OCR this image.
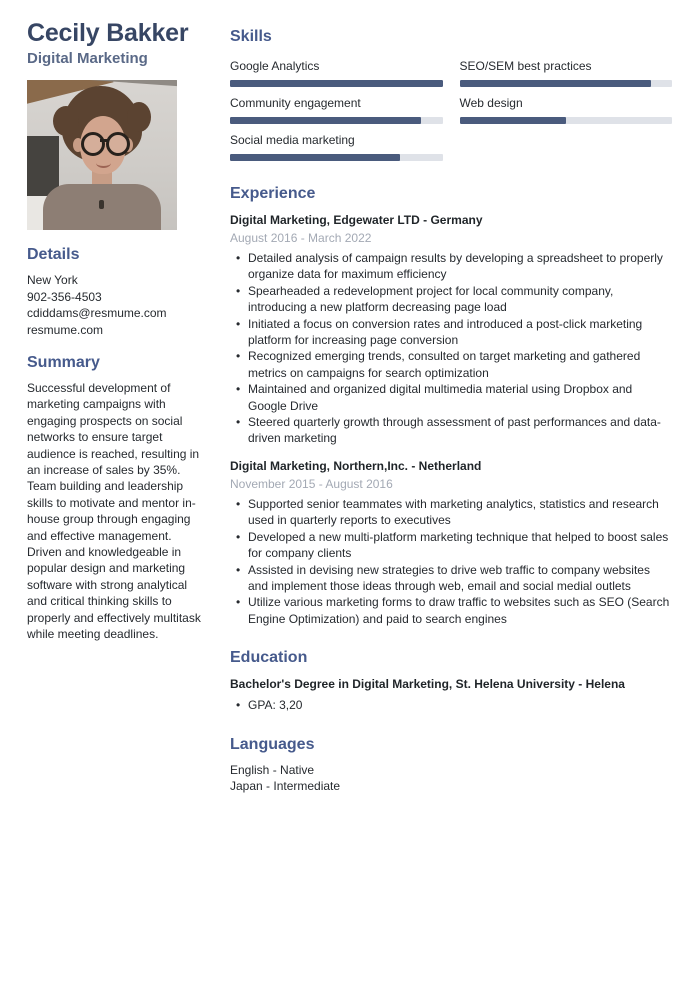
Cecily Bakker
Digital Marketing
Details
New York
902-356-4503
cdiddams@resmume.com
resmume.com
Summary
Successful development of marketing campaigns with engaging prospects on social networks to ensure target audience is reached, resulting in an increase of sales by 35%. Team building and leadership skills to motivate and mentor in-house group through engaging and effective management. Driven and knowledgeable in popular design and marketing software with strong analytical and critical thinking skills to properly and effectively multitask while meeting deadlines.
Skills
Google Analytics	SEO/SEM best practices
Community engagement	Web design
Social media marketing
Experience
Digital Marketing, Edgewater LTD - Germany
August 2016 - March 2022
• Detailed analysis of campaign results by developing a spreadsheet to properly organize data for maximum efficiency
• Spearheaded a redevelopment project for local community company, introducing a new platform decreasing page load
• Initiated a focus on conversion rates and introduced a post-click marketing platform for increasing page conversion
• Recognized emerging trends, consulted on target marketing and gathered metrics on campaigns for search optimization
• Maintained and organized digital multimedia material using Dropbox and Google Drive
• Steered quarterly growth through assessment of past performances and data-driven marketing
Digital Marketing, Northern,Inc. - Netherland
November 2015 - August 2016
• Supported senior teammates with marketing analytics, statistics and research used in quarterly reports to executives
• Developed a new multi-platform marketing technique that helped to boost sales for company clients
• Assisted in devising new strategies to drive web traffic to company websites and implement those ideas through web, email and social medial outlets
• Utilize various marketing forms to draw traffic to websites such as SEO (Search Engine Optimization) and paid to search engines
Education
Bachelor's Degree in Digital Marketing, St. Helena University - Helena
• GPA: 3,20
Languages
English - Native
Japan - Intermediate
